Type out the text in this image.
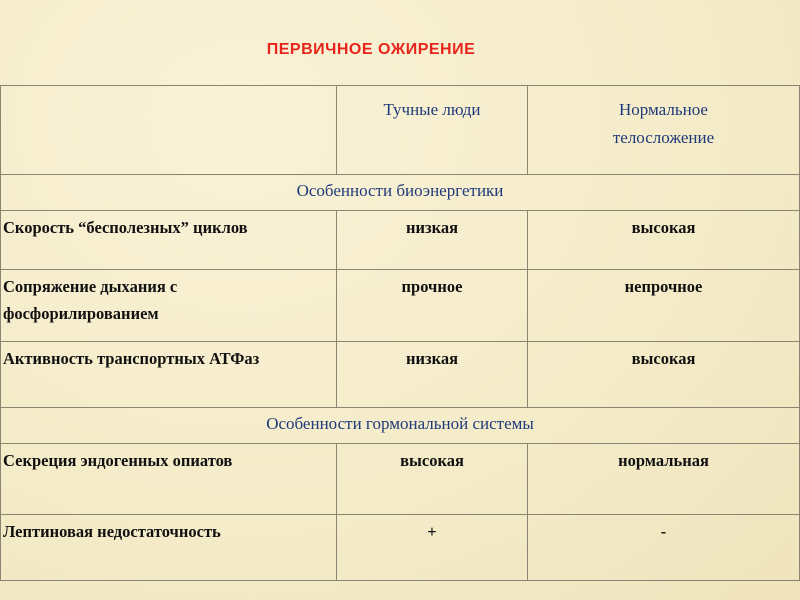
ПЕРВИЧНОЕ ОЖИРЕНИЕ
	Тучные люди	Нормальное телосложение
Особенности биоэнергетики		
Скорость “бесполезных” циклов	низкая	высокая
Сопряжение дыхания с фосфорилированием	прочное	непрочное
Активность транспортных АТФаз	низкая	высокая
Особенности гормональной системы		
Секреция эндогенных опиатов	высокая	нормальная
Лептиновая недостаточность	+	-
